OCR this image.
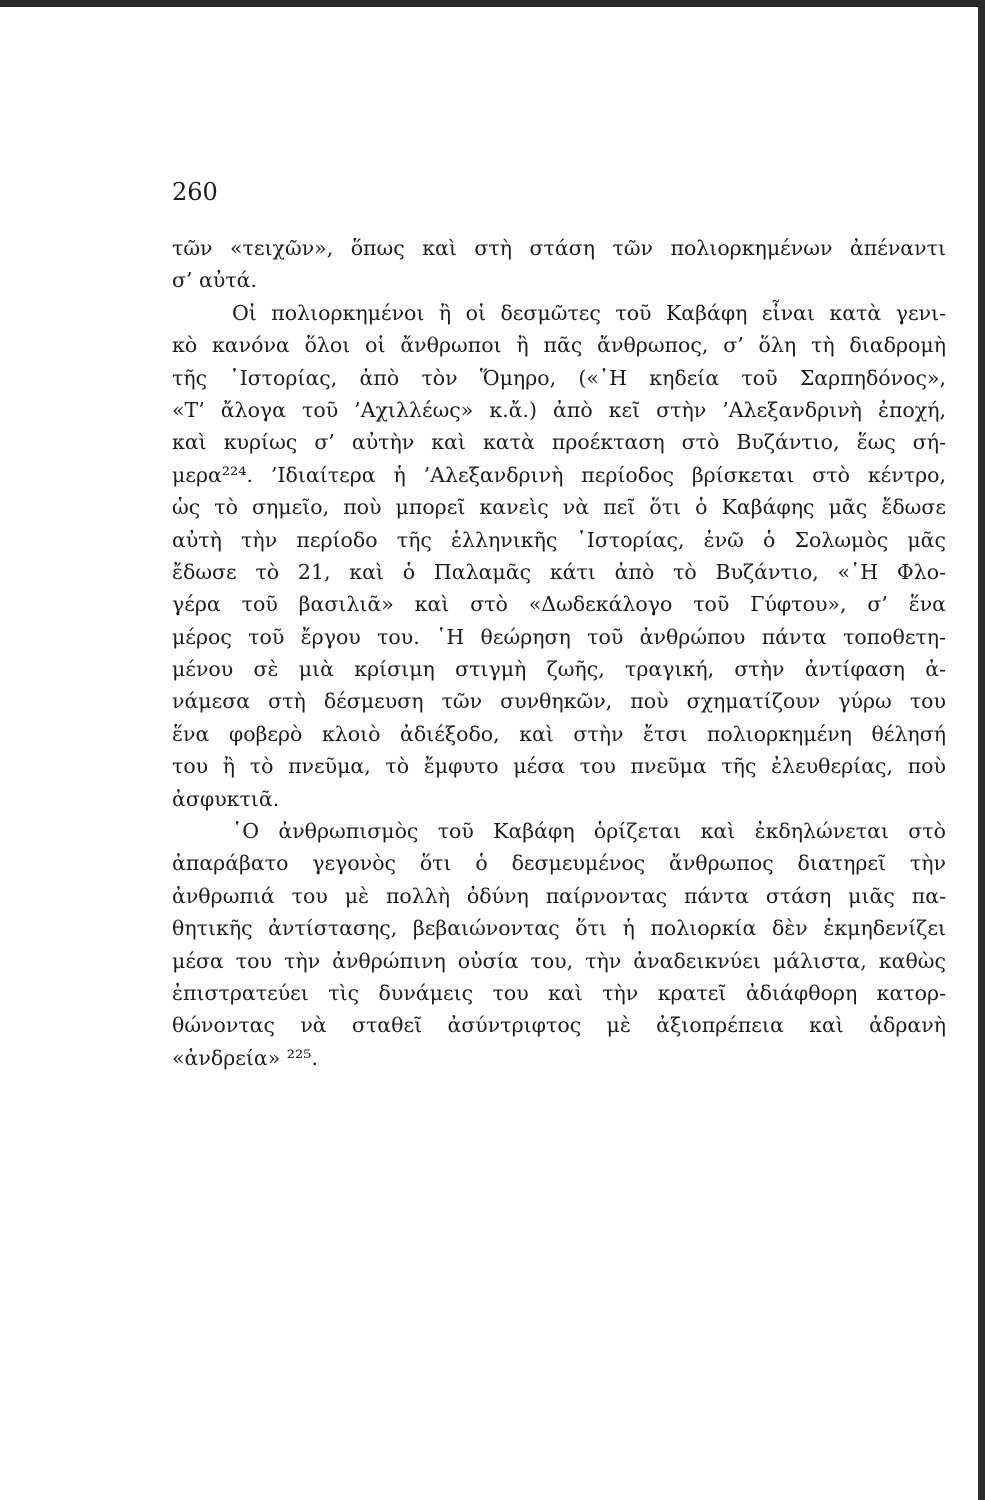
260
τῶν «τειχῶν», ὅπως καὶ στὴ στάση τῶν πολιορκημένων ἀπέναντι
σ’ αὐτά.
Οἱ πολιορκημένοι ἢ οἱ δεσμῶτες τοῦ Καβάφη εἶναι κατὰ γενι-
κὸ κανόνα ὅλοι οἱ ἄνθρωποι ἢ πᾶς ἄνθρωπος, σ’ ὅλη τὴ διαδρομὴ
τῆς ῾Ιστορίας, ἀπὸ τὸν Ὅμηρο, («῾Η κηδεία τοῦ Σαρπηδόνος»,
«Τ’ ἄλογα τοῦ ’Αχιλλέως» κ.ἄ.) ἀπὸ κεῖ στὴν ’Αλεξανδρινὴ ἐποχή,
καὶ κυρίως σ’ αὐτὴν καὶ κατὰ προέκταση στὸ Βυζάντιο, ἕως σή-
μερα²²⁴. ’Ιδιαίτερα ἡ ’Αλεξανδρινὴ περίοδος βρίσκεται στὸ κέντρο,
ὡς τὸ σημεῖο, ποὺ μπορεῖ κανεὶς νὰ πεῖ ὅτι ὁ Καβάφης μᾶς ἔδωσε
αὐτὴ τὴν περίοδο τῆς ἑλληνικῆς ῾Ιστορίας, ἐνῶ ὁ Σολωμὸς μᾶς
ἔδωσε τὸ 21, καὶ ὁ Παλαμᾶς κάτι ἀπὸ τὸ Βυζάντιο, «῾Η Φλο-
γέρα τοῦ βασιλιᾶ» καὶ στὸ «Δωδεκάλογο τοῦ Γύφτου», σ’ ἕνα
μέρος τοῦ ἔργου του. ῾Η θεώρηση τοῦ ἀνθρώπου πάντα τοποθετη-
μένου σὲ μιὰ κρίσιμη στιγμὴ ζωῆς, τραγική, στὴν ἀντίφαση ἀ-
νάμεσα στὴ δέσμευση τῶν συνθηκῶν, ποὺ σχηματίζουν γύρω του
ἕνα φοβερὸ κλοιὸ ἀδιέξοδο, καὶ στὴν ἔτσι πολιορκημένη θέλησή
του ἢ τὸ πνεῦμα, τὸ ἔμφυτο μέσα του πνεῦμα τῆς ἐλευθερίας, ποὺ
ἀσφυκτιᾶ.
῾Ο ἀνθρωπισμὸς τοῦ Καβάφη ὁρίζεται καὶ ἐκδηλώνεται στὸ
ἀπαράβατο γεγονὸς ὅτι ὁ δεσμευμένος ἄνθρωπος διατηρεῖ τὴν
ἀνθρωπιά του μὲ πολλὴ ὀδύνη παίρνοντας πάντα στάση μιᾶς πα-
θητικῆς ἀντίστασης, βεβαιώνοντας ὅτι ἡ πολιορκία δὲν ἐκμηδενίζει
μέσα του τὴν ἀνθρώπινη οὐσία του, τὴν ἀναδεικνύει μάλιστα, καθὼς
ἐπιστρατεύει τὶς δυνάμεις του καὶ τὴν κρατεῖ ἀδιάφθορη κατορ-
θώνοντας νὰ σταθεῖ ἀσύντριφτος μὲ ἀξιοπρέπεια καὶ ἀδρανὴ
«ἀνδρεία» ²²⁵.
